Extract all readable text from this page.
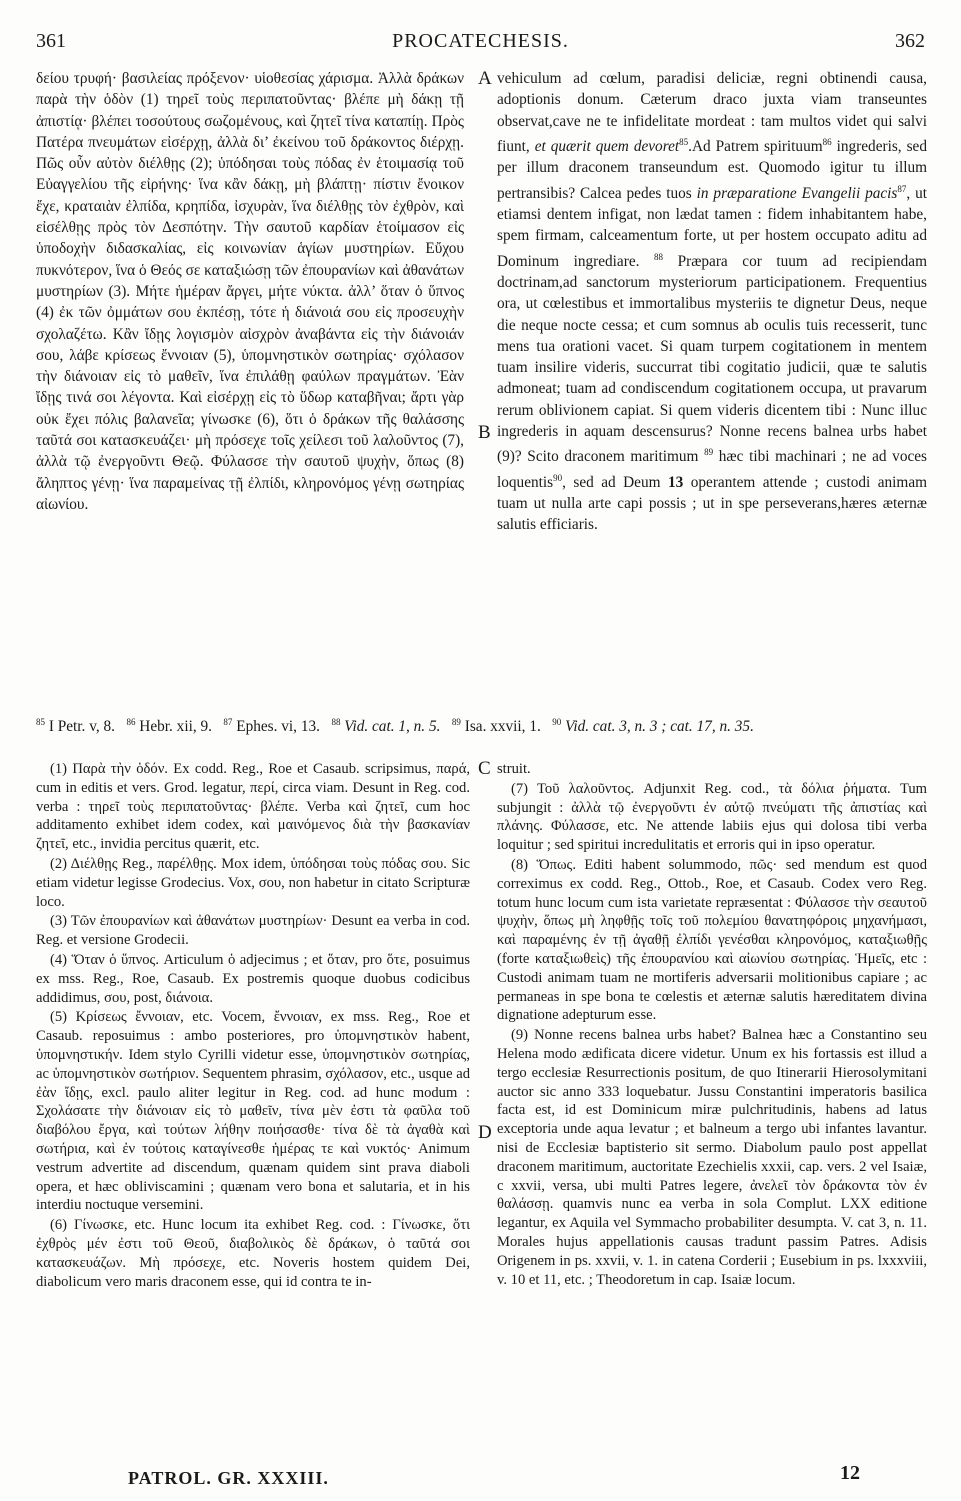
361	PROCATECHESIS.	362
A
B
C
D
δείου τρυφή· βασιλείας πρόξενον· υἱοθεσίας χάρισμα. Ἀλλὰ δράκων παρὰ τὴν ὁδὸν (1) τηρεῖ τοὺς περιπατοῦντας· βλέπε μὴ δάκῃ τῇ ἀπιστίᾳ· βλέπει τοσούτους σωζομένους, καὶ ζητεῖ τίνα καταπίῃ. Πρὸς Πατέρα πνευμάτων εἰσέρχῃ, ἀλλὰ δι’ ἐκείνου τοῦ δράκοντος διέρχῃ. Πῶς οὖν αὐτὸν διέλθῃς (2); ὑπόδησαι τοὺς πόδας ἐν ἑτοιμασίᾳ τοῦ Εὐαγγελίου τῆς εἰρήνης· ἵνα κἂν δάκῃ, μὴ βλάπτῃ· πίστιν ἔνοικον ἔχε, κραταιὰν ἐλπίδα, κρηπίδα, ἰσχυρὰν, ἵνα διέλθῃς τὸν ἐχθρὸν, καὶ εἰσέλθῃς πρὸς τὸν Δεσπότην. Τὴν σαυτοῦ καρδίαν ἑτοίμασον εἰς ὑποδοχὴν διδασκαλίας, εἰς κοινωνίαν ἁγίων μυστηρίων. Εὔχου πυκνότερον, ἵνα ὁ Θεός σε καταξιώσῃ τῶν ἐπουρανίων καὶ ἀθανάτων μυστηρίων (3). Μήτε ἡμέραν ἄργει, μήτε νύκτα. ἀλλ’ ὅταν ὁ ὕπνος (4) ἐκ τῶν ὀμμάτων σου ἐκπέσῃ, τότε ἡ διάνοιά σου εἰς προσευχὴν σχολαζέτω. Κἂν ἴδῃς λογισμὸν αἰσχρὸν ἀναβάντα εἰς τὴν διάνοιάν σου, λάβε κρίσεως ἔννοιαν (5), ὑπομνηστικὸν σωτηρίας· σχόλασον τὴν διάνοιαν εἰς τὸ μαθεῖν, ἵνα ἐπιλάθῃ φαύλων πραγμάτων. Ἐὰν ἴδῃς τινά σοι λέγοντα. Καὶ εἰσέρχῃ εἰς τὸ ὕδωρ καταβῆναι; ἄρτι γὰρ οὐκ ἔχει πόλις βαλανεῖα; γίνωσκε (6), ὅτι ὁ δράκων τῆς θαλάσσης ταῦτά σοι κατασκευάζει· μὴ πρόσεχε τοῖς χείλεσι τοῦ λαλοῦντος (7), ἀλλὰ τῷ ἐνεργοῦντι Θεῷ. Φύλασσε τὴν σαυτοῦ ψυχὴν, ὅπως (8) ἄληπτος γένῃ· ἵνα παραμείνας τῇ ἐλπίδι, κληρονόμος γένῃ σωτηρίας αἰωνίου.
vehiculum ad cœlum, paradisi deliciæ, regni obtinendi causa, adoptionis donum. Cæterum draco juxta viam transeuntes observat,cave ne te infidelitate mordeat : tam multos videt qui salvi fiunt, et quærit quem devoret$^{85}$.Ad Patrem spirituum$^{86}$ ingrederis, sed per illum draconem transeundum est. Quomodo igitur tu illum pertransibis? Calcea pedes tuos in præparatione Evangelii pacis$^{87}$, ut etiamsi dentem infigat, non lædat tamen : fidem inhabitantem habe, spem firmam, calceamentum forte, ut per hostem occupato aditu ad Dominum ingrediare. $^{88}$ Præpara cor tuum ad recipiendam doctrinam,ad sanctorum mysteriorum participationem. Frequentius ora, ut cœlestibus et immortalibus mysteriis te dignetur Deus, neque die neque nocte cessa; et cum somnus ab oculis tuis recesserit, tunc mens tua orationi vacet. Si quam turpem cogitationem in mentem tuam insilire videris, succurrat tibi cogitatio judicii, quæ te salutis admoneat; tuam ad condiscendum cogitationem occupa, ut pravarum rerum oblivionem capiat. Si quem videris dicentem tibi : Nunc illuc ingrederis in aquam descensurus? Nonne recens balnea urbs habet (9)? Scito draconem maritimum $^{89}$ hæc tibi machinari ; ne ad voces loquentis$^{90}$, sed ad Deum 13 operantem attende ; custodi animam tuam ut nulla arte capi possis ; ut in spe perseverans,hæres æternæ salutis efficiaris.
$^{85}$ I Petr. v, 8. $^{86}$ Hebr. xii, 9. $^{87}$ Ephes. vi, 13. $^{88}$ Vid. cat. 1, n. 5. $^{89}$ Isa. xxvii, 1. $^{90}$ Vid. cat. 3, n. 3 ; cat. 17, n. 35.

(1) Παρὰ τὴν ὁδόν. Ex codd. Reg., Roe et Casaub. scripsimus, παρά, cum in editis et vers. Grod. legatur, περί, circa viam. Desunt in Reg. cod. verba : τηρεῖ τοὺς περιπατοῦντας· βλέπε. Verba καὶ ζητεῖ, cum hoc additamento exhibet idem codex, καὶ μαινόμενος διὰ τὴν βασκανίαν ζητεῖ, etc., invidia percitus quærit, etc.

(2) Διέλθῃς Reg., παρέλθῃς. Mox idem, ὑπόδησαι τοὺς πόδας σου. Sic etiam videtur legisse Grodecius. Vox, σου, non habetur in citato Scripturæ loco.

(3) Τῶν ἐπουρανίων καὶ ἀθανάτων μυστηρίων· Desunt ea verba in cod. Reg. et versione Grodecii.

(4) Ὅταν ὁ ὕπνος. Articulum ὁ adjecimus ; et ὅταν, pro ὅτε, posuimus ex mss. Reg., Roe, Casaub. Ex postremis quoque duobus codicibus addidimus, σου, post, διάνοια.

(5) Κρίσεως ἔννοιαν, etc. Vocem, ἔννοιαν, ex mss. Reg., Roe et Casaub. reposuimus : ambo posteriores, pro ὑπομνηστικὸν habent, ὑπομνηστικήν. Idem stylo Cyrilli videtur esse, ὑπομνηστικὸν σωτηρίας, ac ὑπομνηστικὸν σωτήριον. Sequentem phrasim, σχόλασον, etc., usque ad ἐὰν ἴδῃς, excl. paulo aliter legitur in Reg. cod. ad hunc modum : Σχολάσατε τὴν διάνοιαν εἰς τὸ μαθεῖν, τίνα μὲν ἐστι τὰ φαῦλα τοῦ διαβόλου ἔργα, καὶ τούτων λήθην ποιήσασθε· τίνα δὲ τὰ ἀγαθὰ καὶ σωτήρια, καὶ ἐν τούτοις καταγίνεσθε ἡμέρας τε καὶ νυκτός· Animum vestrum advertite ad discendum, quænam quidem sint prava diaboli opera, et hæc obliviscamini ; quænam vero bona et salutaria, et in his interdiu noctuque versemini.

(6) Γίνωσκε, etc. Hunc locum ita exhibet Reg. cod. : Γίνωσκε, ὅτι ἐχθρὸς μέν ἐστι τοῦ Θεοῦ, διαβολικὸς δὲ δράκων, ὁ ταῦτά σοι κατασκευάζων. Μὴ πρόσεχε, etc. Noveris hostem quidem Dei, diabolicum vero maris draconem esse, qui id contra te in-

struit.

(7) Τοῦ λαλοῦντος. Adjunxit Reg. cod., τὰ δόλια ῥήματα. Tum subjungit : ἀλλὰ τῷ ἐνεργοῦντι ἐν αὐτῷ πνεύματι τῆς ἀπιστίας καὶ πλάνης. Φύλασσε, etc. Ne attende labiis ejus qui dolosa tibi verba loquitur ; sed spiritui incredulitatis et erroris qui in ipso operatur.

(8) Ὅπως. Editi habent solummodo, πῶς· sed mendum est quod correximus ex codd. Reg., Ottob., Roe, et Casaub. Codex vero Reg. totum hunc locum cum ista varietate repræsentat : Φύλασσε τὴν σεαυτοῦ ψυχὴν, ὅπως μὴ ληφθῇς τοῖς τοῦ πολεμίου θανατηφόροις μηχανήμασι, καὶ παραμένης ἐν τῇ ἀγαθῇ ἐλπίδι γενέσθαι κληρονόμος, καταξιωθῇς (forte καταξιωθεὶς) τῆς ἐπουρανίου καὶ αἰωνίου σωτηρίας. Ἡμεῖς, etc : Custodi animam tuam ne mortiferis adversarii molitionibus capiare ; ac permaneas in spe bona te cœlestis et æternæ salutis hæreditatem divina dignatione adepturum esse.

(9) Nonne recens balnea urbs habet? Balnea hæc a Constantino seu Helena modo ædificata dicere videtur. Unum ex his fortassis est illud a tergo ecclesiæ Resurrectionis positum, de quo Itinerarii Hierosolymitani auctor sic anno 333 loquebatur. Jussu Constantini imperatoris basilica facta est, id est Dominicum miræ pulchritudinis, habens ad latus exceptoria unde aqua levatur ; et balneum a tergo ubi infantes lavantur. nisi de Ecclesiæ baptisterio sit sermo. Diabolum paulo post appellat draconem maritimum, auctoritate Ezechielis xxxii, cap. vers. 2 vel Isaiæ, c xxvii, versa, ubi multi Patres legere, ἀνελεῖ τὸν δράκοντα τὸν ἐν θαλάσσῃ. quamvis nunc ea verba in sola Complut. LXX editione legantur, ex Aquila vel Symmacho probabiliter desumpta. V. cat 3, n. 11. Morales hujus appellationis causas tradunt passim Patres. Adisis Origenem in ps. xxvii, v. 1. in catena Corderii ; Eusebium in ps. lxxxviii, v. 10 et 11, etc. ; Theodoretum in cap. Isaiæ locum.

PATROL. GR. XXXIII.	12
